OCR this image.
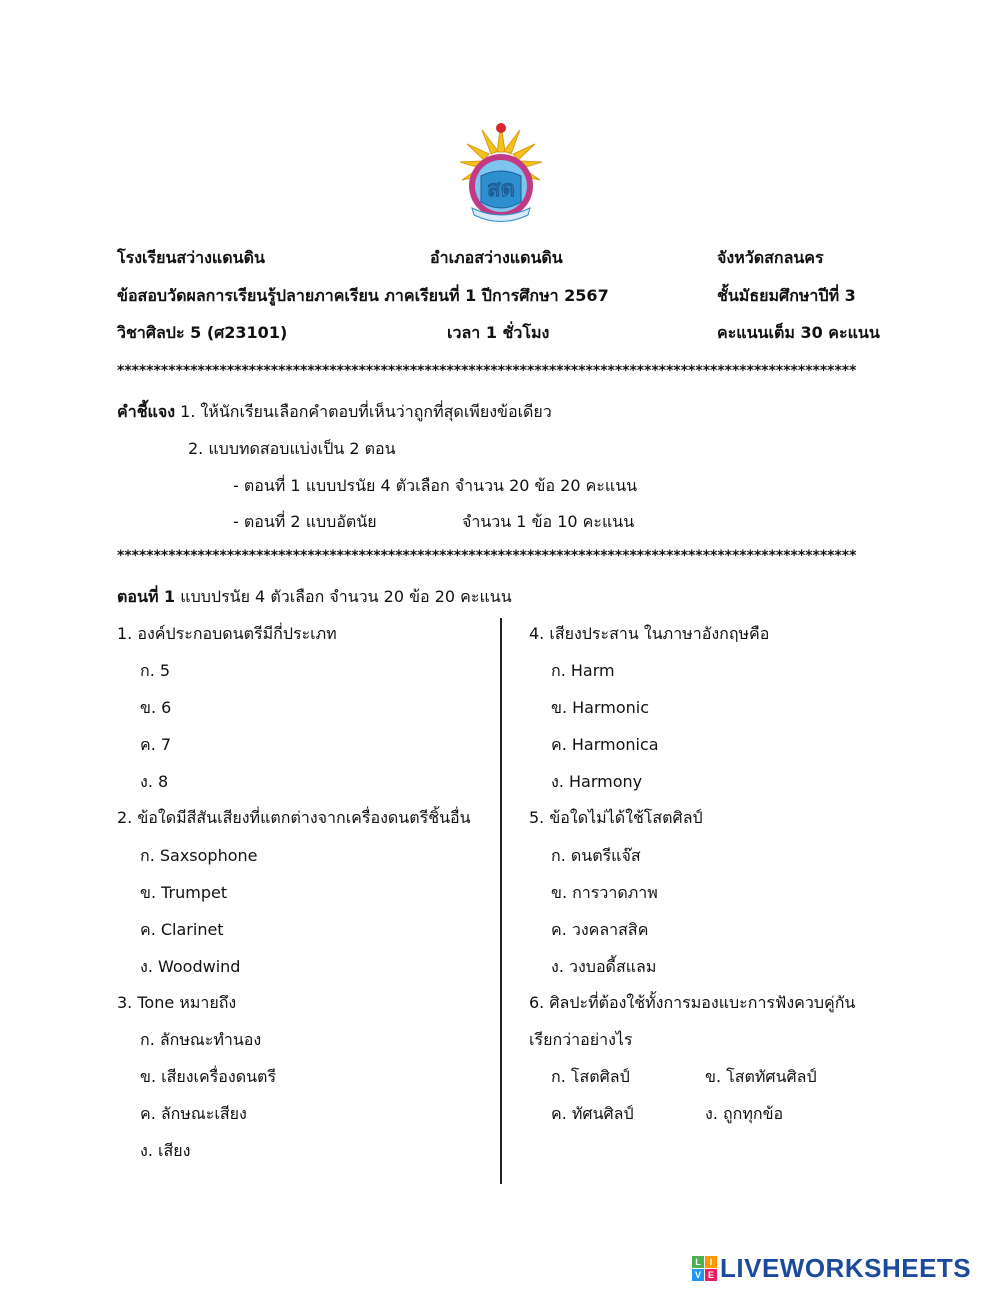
สด
โรงเรียนสว่างแดนดิน	อำเภอสว่างแดนดิน	จังหวัดสกลนคร
ข้อสอบวัดผลการเรียนรู้ปลายภาคเรียน ภาคเรียนที่ 1 ปีการศึกษา 2567	ชั้นมัธยมศึกษาปีที่ 3
วิชาศิลปะ 5 (ศ23101)	เวลา 1 ชั่วโมง	คะแนนเต็ม 30 คะแนน
*****************************************************************************************************
คำชี้แจง 1. ให้นักเรียนเลือกคำตอบที่เห็นว่าถูกที่สุดเพียงข้อเดียว
2. แบบทดสอบแบ่งเป็น 2 ตอน
- ตอนที่ 1 แบบปรนัย 4 ตัวเลือก จำนวน 20 ข้อ 20 คะแนน
- ตอนที่ 2 แบบอัตนัย	จำนวน 1 ข้อ 10 คะแนน
*****************************************************************************************************
ตอนที่ 1 แบบปรนัย 4 ตัวเลือก จำนวน 20 ข้อ 20 คะแนน
1. องค์ประกอบดนตรีมีกี่ประเภท
ก. 5
ข. 6
ค. 7
ง. 8
2. ข้อใดมีสีสันเสียงที่แตกต่างจากเครื่องดนตรีชิ้นอื่น
ก. Saxsophone
ข. Trumpet
ค. Clarinet
ง. Woodwind
3. Tone หมายถึง
ก. ลักษณะทำนอง
ข. เสียงเครื่องดนตรี
ค. ลักษณะเสียง
ง. เสียง
4. เสียงประสาน ในภาษาอังกฤษคือ
ก. Harm
ข. Harmonic
ค. Harmonica
ง. Harmony
5. ข้อใดไม่ได้ใช้โสตศิลป์
ก. ดนตรีแจ๊ส
ข. การวาดภาพ
ค. วงคลาสสิค
ง. วงบอดี้สแลม
6. ศิลปะที่ต้องใช้ทั้งการมองแบะการฟังควบคู่กัน
เรียกว่าอย่างไร
ก. โสตศิลป์	ข. โสตทัศนศิลป์
ค. ทัศนศิลป์	ง. ถูกทุกข้อ
L I
V E LIVEWORKSHEETS
